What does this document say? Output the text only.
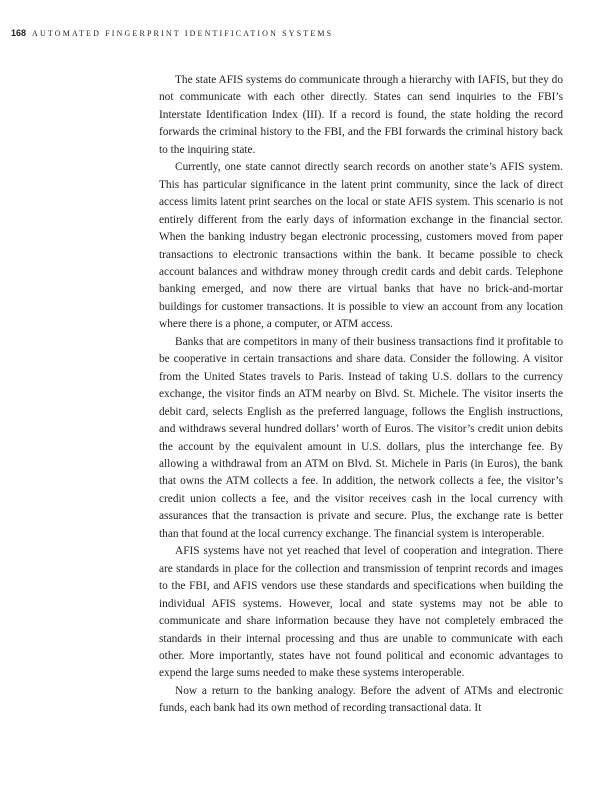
168 AUTOMATED FINGERPRINT IDENTIFICATION SYSTEMS

The state AFIS systems do communicate through a hierarchy with IAFIS, but they do not communicate with each other directly. States can send inquiries to the FBI’s Interstate Identification Index (III). If a record is found, the state holding the record forwards the criminal history to the FBI, and the FBI forwards the criminal history back to the inquiring state.

Currently, one state cannot directly search records on another state’s AFIS system. This has particular significance in the latent print community, since the lack of direct access limits latent print searches on the local or state AFIS system. This scenario is not entirely different from the early days of information exchange in the financial sector. When the banking industry began electronic processing, customers moved from paper transactions to electronic transactions within the bank. It became possible to check account balances and withdraw money through credit cards and debit cards. Telephone banking emerged, and now there are virtual banks that have no brick-and-mortar buildings for customer transactions. It is possible to view an account from any location where there is a phone, a computer, or ATM access.

Banks that are competitors in many of their business transactions find it profitable to be cooperative in certain transactions and share data. Consider the following. A visitor from the United States travels to Paris. Instead of taking U.S. dollars to the currency exchange, the visitor finds an ATM nearby on Blvd. St. Michele. The visitor inserts the debit card, selects English as the preferred language, follows the English instructions, and withdraws several hundred dollars’ worth of Euros. The visitor’s credit union debits the account by the equivalent amount in U.S. dollars, plus the interchange fee. By allowing a withdrawal from an ATM on Blvd. St. Michele in Paris (in Euros), the bank that owns the ATM collects a fee. In addition, the network collects a fee, the visitor’s credit union collects a fee, and the visitor receives cash in the local currency with assurances that the transaction is private and secure. Plus, the exchange rate is better than that found at the local currency exchange. The financial system is interoperable.

AFIS systems have not yet reached that level of cooperation and integration. There are standards in place for the collection and transmission of tenprint records and images to the FBI, and AFIS vendors use these standards and specifications when building the individual AFIS systems. However, local and state systems may not be able to communicate and share information because they have not completely embraced the standards in their internal processing and thus are unable to communicate with each other. More importantly, states have not found political and economic advantages to expend the large sums needed to make these systems interoperable.

Now a return to the banking analogy. Before the advent of ATMs and electronic funds, each bank had its own method of recording transactional data. It
